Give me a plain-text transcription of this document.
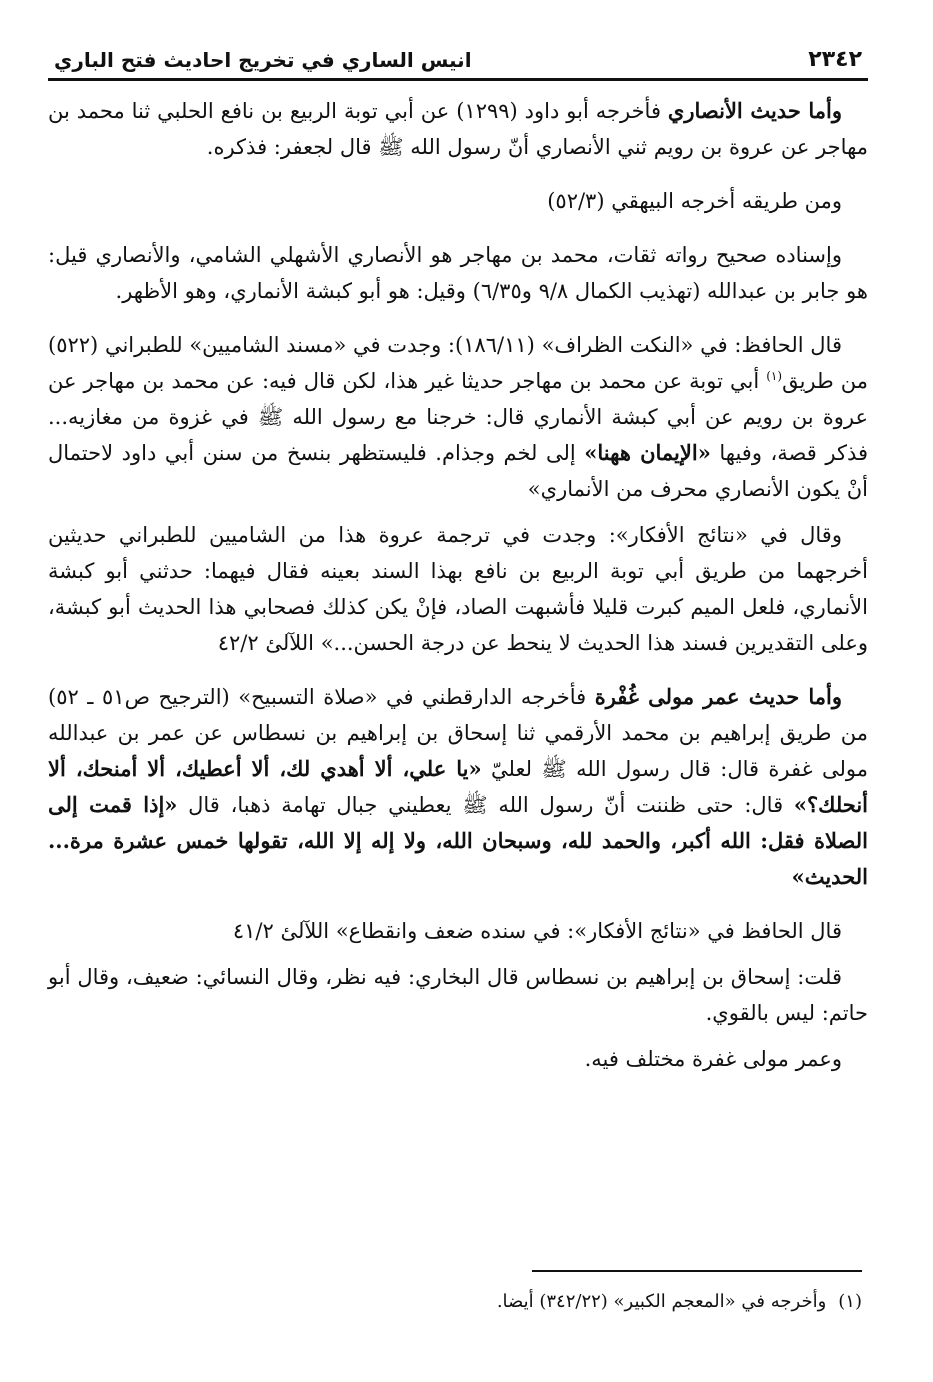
٢٣٤٢
انيس الساري في تخريج احاديث فتح الباري

وأما حديث الأنصاري فأخرجه أبو داود (١٢٩٩) عن أبي توبة الربيع بن نافع الحلبي ثنا محمد بن مهاجر عن عروة بن رويم ثني الأنصاري أنّ رسول الله ﷺ قال لجعفر: فذكره.

ومن طريقه أخرجه البيهقي (٥٢/٣)

وإسناده صحيح رواته ثقات، محمد بن مهاجر هو الأنصاري الأشهلي الشامي، والأنصاري قيل: هو جابر بن عبدالله (تهذيب الكمال ٩/٨ و٦/٣٥) وقيل: هو أبو كبشة الأنماري، وهو الأظهر.

قال الحافظ: في «النكت الظراف» (١٨٦/١١): وجدت في «مسند الشاميين» للطبراني (٥٢٢) من طريق$^{(١)}$ أبي توبة عن محمد بن مهاجر حديثا غير هذا، لكن قال فيه: عن محمد بن مهاجر عن عروة بن رويم عن أبي كبشة الأنماري قال: خرجنا مع رسول الله ﷺ في غزوة من مغازيه... فذكر قصة، وفيها «الإيمان ههنا» إلى لخم وجذام. فليستظهر بنسخ من سنن أبي داود لاحتمال أنْ يكون الأنصاري محرف من الأنماري»

وقال في «نتائج الأفكار»: وجدت في ترجمة عروة هذا من الشاميين للطبراني حديثين أخرجهما من طريق أبي توبة الربيع بن نافع بهذا السند بعينه فقال فيهما: حدثني أبو كبشة الأنماري، فلعل الميم كبرت قليلا فأشبهت الصاد، فإنْ يكن كذلك فصحابي هذا الحديث أبو كبشة، وعلى التقديرين فسند هذا الحديث لا ينحط عن درجة الحسن...» اللآلئ ٤٢/٢

وأما حديث عمر مولى غُفْرة فأخرجه الدارقطني في «صلاة التسبيح» (الترجيح ص٥١ ـ ٥٢) من طريق إبراهيم بن محمد الأرقمي ثنا إسحاق بن إبراهيم بن نسطاس عن عمر بن عبدالله مولى غفرة قال: قال رسول الله ﷺ لعليّ «يا علي، ألا أهدي لك، ألا أعطيك، ألا أمنحك، ألا أنحلك؟» قال: حتى ظننت أنّ رسول الله ﷺ يعطيني جبال تهامة ذهبا، قال «إذا قمت إلى الصلاة فقل: الله أكبر، والحمد لله، وسبحان الله، ولا إله إلا الله، تقولها خمس عشرة مرة... الحديث»

قال الحافظ في «نتائج الأفكار»: في سنده ضعف وانقطاع» اللآلئ ٤١/٢

قلت: إسحاق بن إبراهيم بن نسطاس قال البخاري: فيه نظر، وقال النسائي: ضعيف، وقال أبو حاتم: ليس بالقوي.

وعمر مولى غفرة مختلف فيه.

(١)وأخرجه في «المعجم الكبير» (٣٤٢/٢٢) أيضا.
